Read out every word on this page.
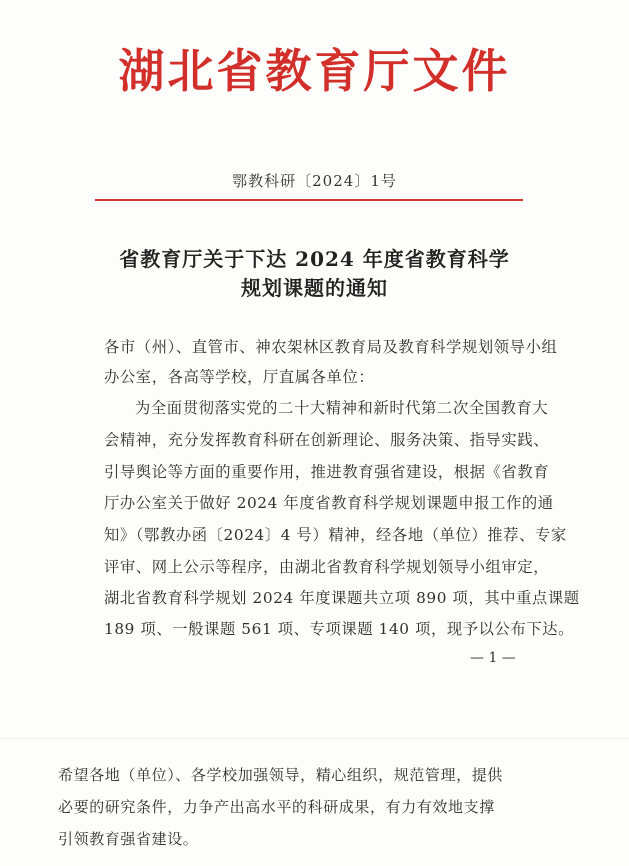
湖北省教育厅文件
鄂教科研〔2024〕1号
省教育厅关于下达 2024 年度省教育科学
规划课题的通知
各市（州）、直管市、神农架林区教育局及教育科学规划领导小组
办公室，各高等学校，厅直属各单位：
为全面贯彻落实党的二十大精神和新时代第二次全国教育大
会精神，充分发挥教育科研在创新理论、服务决策、指导实践、
引导舆论等方面的重要作用，推进教育强省建设，根据《省教育
厅办公室关于做好 2024 年度省教育科学规划课题申报工作的通
知》（鄂教办函〔2024〕4 号）精神，经各地（单位）推荐、专家
评审、网上公示等程序，由湖北省教育科学规划领导小组审定，
湖北省教育科学规划 2024 年度课题共立项 890 项，其中重点课题
189 项、一般课题 561 项、专项课题 140 项，现予以公布下达。
— 1 —
希望各地（单位）、各学校加强领导，精心组织，规范管理，提供
必要的研究条件，力争产出高水平的科研成果，有力有效地支撑
引领教育强省建设。
